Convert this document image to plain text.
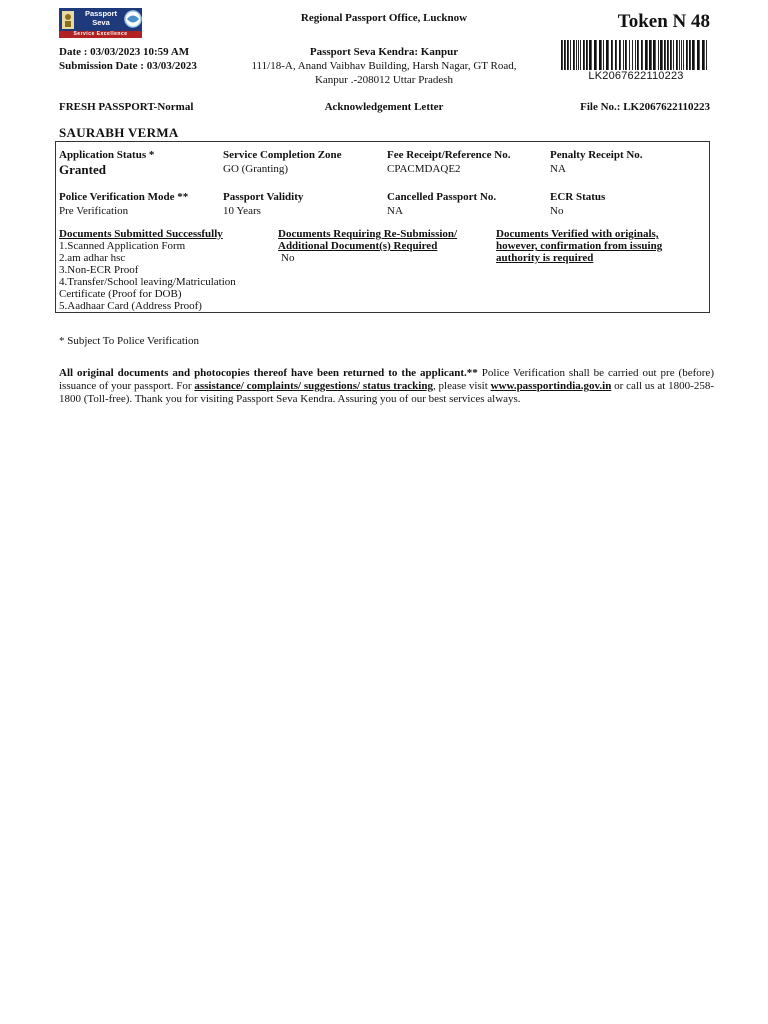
Passport
Seva
Service Excellence
Regional Passport Office, Lucknow	Token N 48
Date : 03/03/2023 10:59 AM
Submission Date : 03/03/2023
Passport Seva Kendra: Kanpur
111/18-A, Anand Vaibhav Building, Harsh Nagar, GT Road,
Kanpur .-208012 Uttar Pradesh	LK2067622110223
FRESH PASSPORT-Normal	Acknowledgement Letter	File No.: LK2067622110223
SAURABH VERMA
Application Status *
Granted
Service Completion Zone
GO (Granting)
Fee Receipt/Reference No.
CPACMDAQE2
Penalty Receipt No.
NA
Police Verification Mode **
Pre Verification
Passport Validity
10 Years
Cancelled Passport No.
NA
ECR Status
No
Documents Submitted Successfully
1.Scanned Application Form
2.am adhar hsc
3.Non-ECR Proof
4.Transfer/School leaving/Matriculation
Certificate (Proof for DOB)
5.Aadhaar Card (Address Proof)
Documents Requiring Re-Submission/
Additional Document(s) Required
No
Documents Verified with originals,
however, confirmation from issuing
authority is required
* Subject To Police Verification
All original documents and photocopies thereof have been returned to the applicant.** Police Verification shall be carried out pre (before) issuance of your passport. For assistance/ complaints/ suggestions/ status tracking, please visit www.passportindia.gov.in or call us at 1800-258-1800 (Toll-free). Thank you for visiting Passport Seva Kendra. Assuring you of our best services always.
